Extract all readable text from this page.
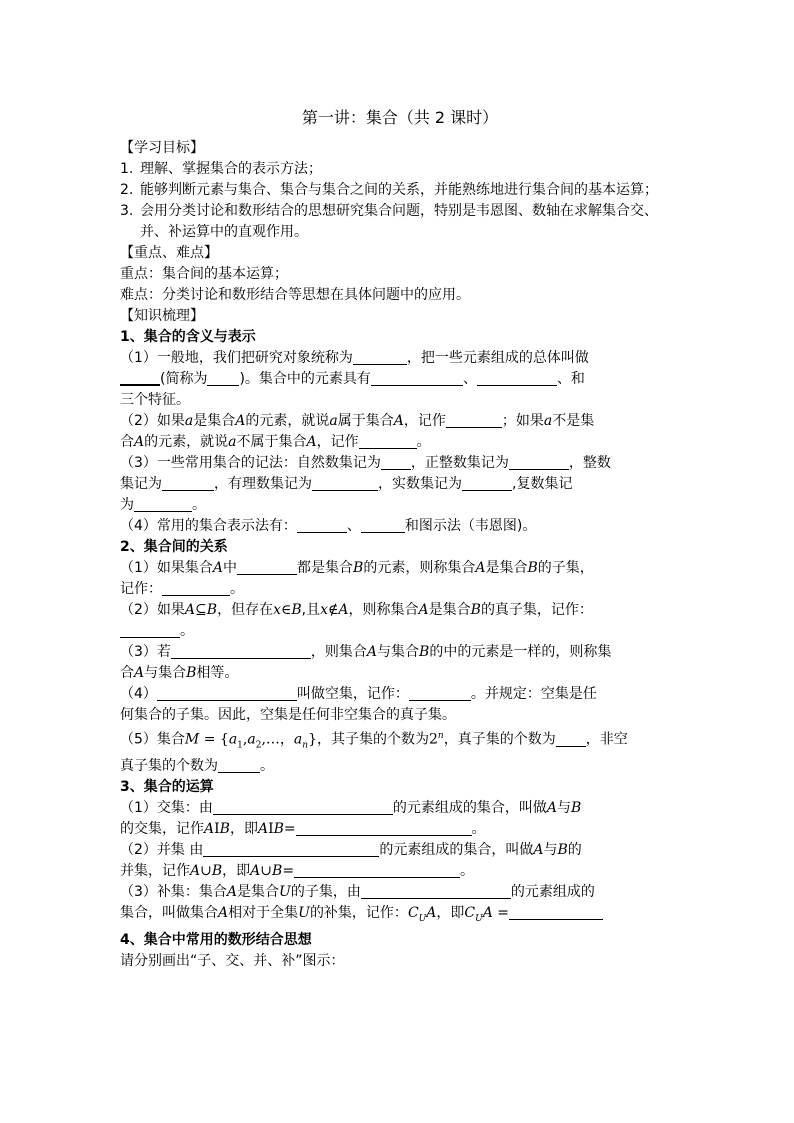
第一讲：集合（共 2 课时）
【学习目标】
1. 理解、掌握集合的表示方法；
2. 能够判断元素与集合、集合与集合之间的关系，并能熟练地进行集合间的基本运算；
3. 会用分类讨论和数形结合的思想研究集合问题，特别是韦恩图、数轴在求解集合交、并、补运算中的直观作用。
【重点、难点】
重点：集合间的基本运算；
难点：分类讨论和数形结合等思想在具体问题中的应用。
【知识梳理】
1、集合的含义与表示
（1）一般地，我们把研究对象统称为	，把一些元素组成的总体叫做
(简称为 )。集合中的元素具有	、	、和
三个特征。
（2）如果a是集合A的元素，就说a属于集合A，记作	；如果a不是集
合A的元素，就说a不属于集合A，记作	。
（3）一些常用集合的记法：自然数集记为 ，正整数集记为	，整数
集记为	，有理数集记为	，实数集记为	,复数集记
为	。
（4）常用的集合表示法有：	、	和图示法（韦恩图)。
2、集合间的关系
（1）如果集合A中	都是集合B的元素，则称集合A是集合B的子集，
记作：	。
（2）如果A⊆B，但存在x∈B,且x∉A，则称集合A是集合B的真子集，记作：
。
（3）若	，则集合A与集合B的中的元素是一样的，则称集
合A与集合B相等。
（4）	叫做空集，记作：	。并规定：空集是任
何集合的子集。因此，空集是任何非空集合的真子集。
（5）集合$M = \{a_1,a_2,\dots$，$a_n$}，其子集的个数为2$^n$，真子集的个数为 ，非空
真子集的个数为	。
3、集合的运算
（1）交集：由	的元素组成的集合，叫做A与B
的交集，记作AIB，即AIB=	。
（2）并集 由	的元素组成的集合，叫做A与B的
并集，记作A∪B，即A∪B=	。
（3）补集：集合A是集合U的子集，由	的元素组成的
集合，叫做集合A相对于全集U的补集，记作：$C_UA$，即$C_UA$ =
4、集合中常用的数形结合思想
请分别画出“子、交、并、补”图示：
